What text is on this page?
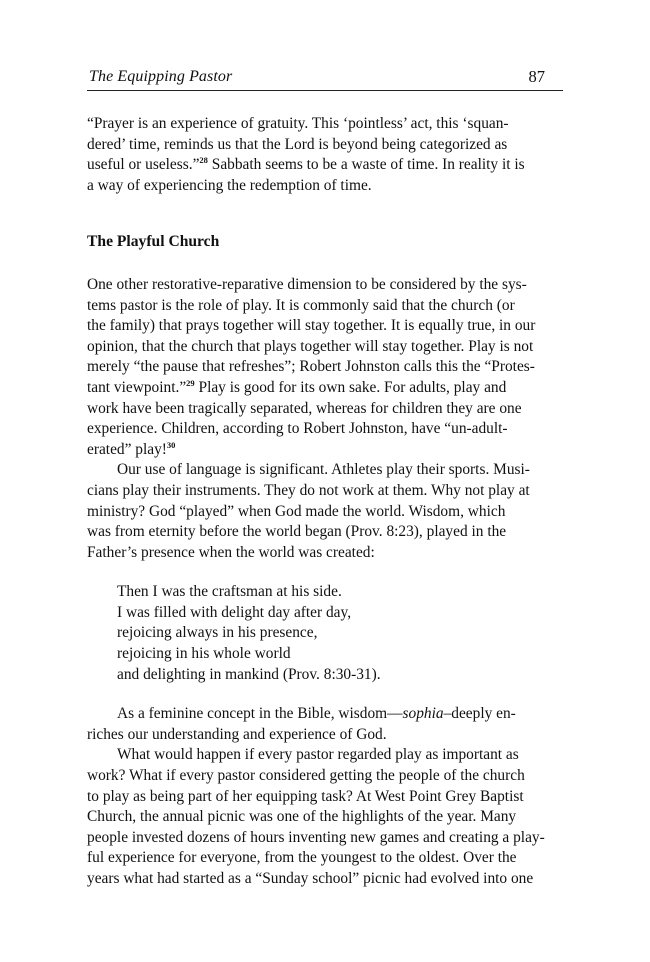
The Equipping Pastor	87
“Prayer is an experience of gratuity. This ‘pointless’ act, this ‘squan-
dered’ time, reminds us that the Lord is beyond being categorized as
useful or useless.”$^{28}$ Sabbath seems to be a waste of time. In reality it is
a way of experiencing the redemption of time.
The Playful Church
One other restorative-reparative dimension to be considered by the sys-
tems pastor is the role of play. It is commonly said that the church (or
the family) that prays together will stay together. It is equally true, in our
opinion, that the church that plays together will stay together. Play is not
merely “the pause that refreshes”; Robert Johnston calls this the “Protes-
tant viewpoint.”$^{29}$ Play is good for its own sake. For adults, play and
work have been tragically separated, whereas for children they are one
experience. Children, according to Robert Johnston, have “un-adult-
erated” play!$^{30}$
Our use of language is significant. Athletes play their sports. Musi-
cians play their instruments. They do not work at them. Why not play at
ministry? God “played” when God made the world. Wisdom, which
was from eternity before the world began (Prov. 8:23), played in the
Father’s presence when the world was created:
Then I was the craftsman at his side.
I was filled with delight day after day,
rejoicing always in his presence,
rejoicing in his whole world
and delighting in mankind (Prov. 8:30-31).
As a feminine concept in the Bible, wisdom—sophia–deeply en-
riches our understanding and experience of God.
What would happen if every pastor regarded play as important as
work? What if every pastor considered getting the people of the church
to play as being part of her equipping task? At West Point Grey Baptist
Church, the annual picnic was one of the highlights of the year. Many
people invested dozens of hours inventing new games and creating a play-
ful experience for everyone, from the youngest to the oldest. Over the
years what had started as a “Sunday school” picnic had evolved into one
